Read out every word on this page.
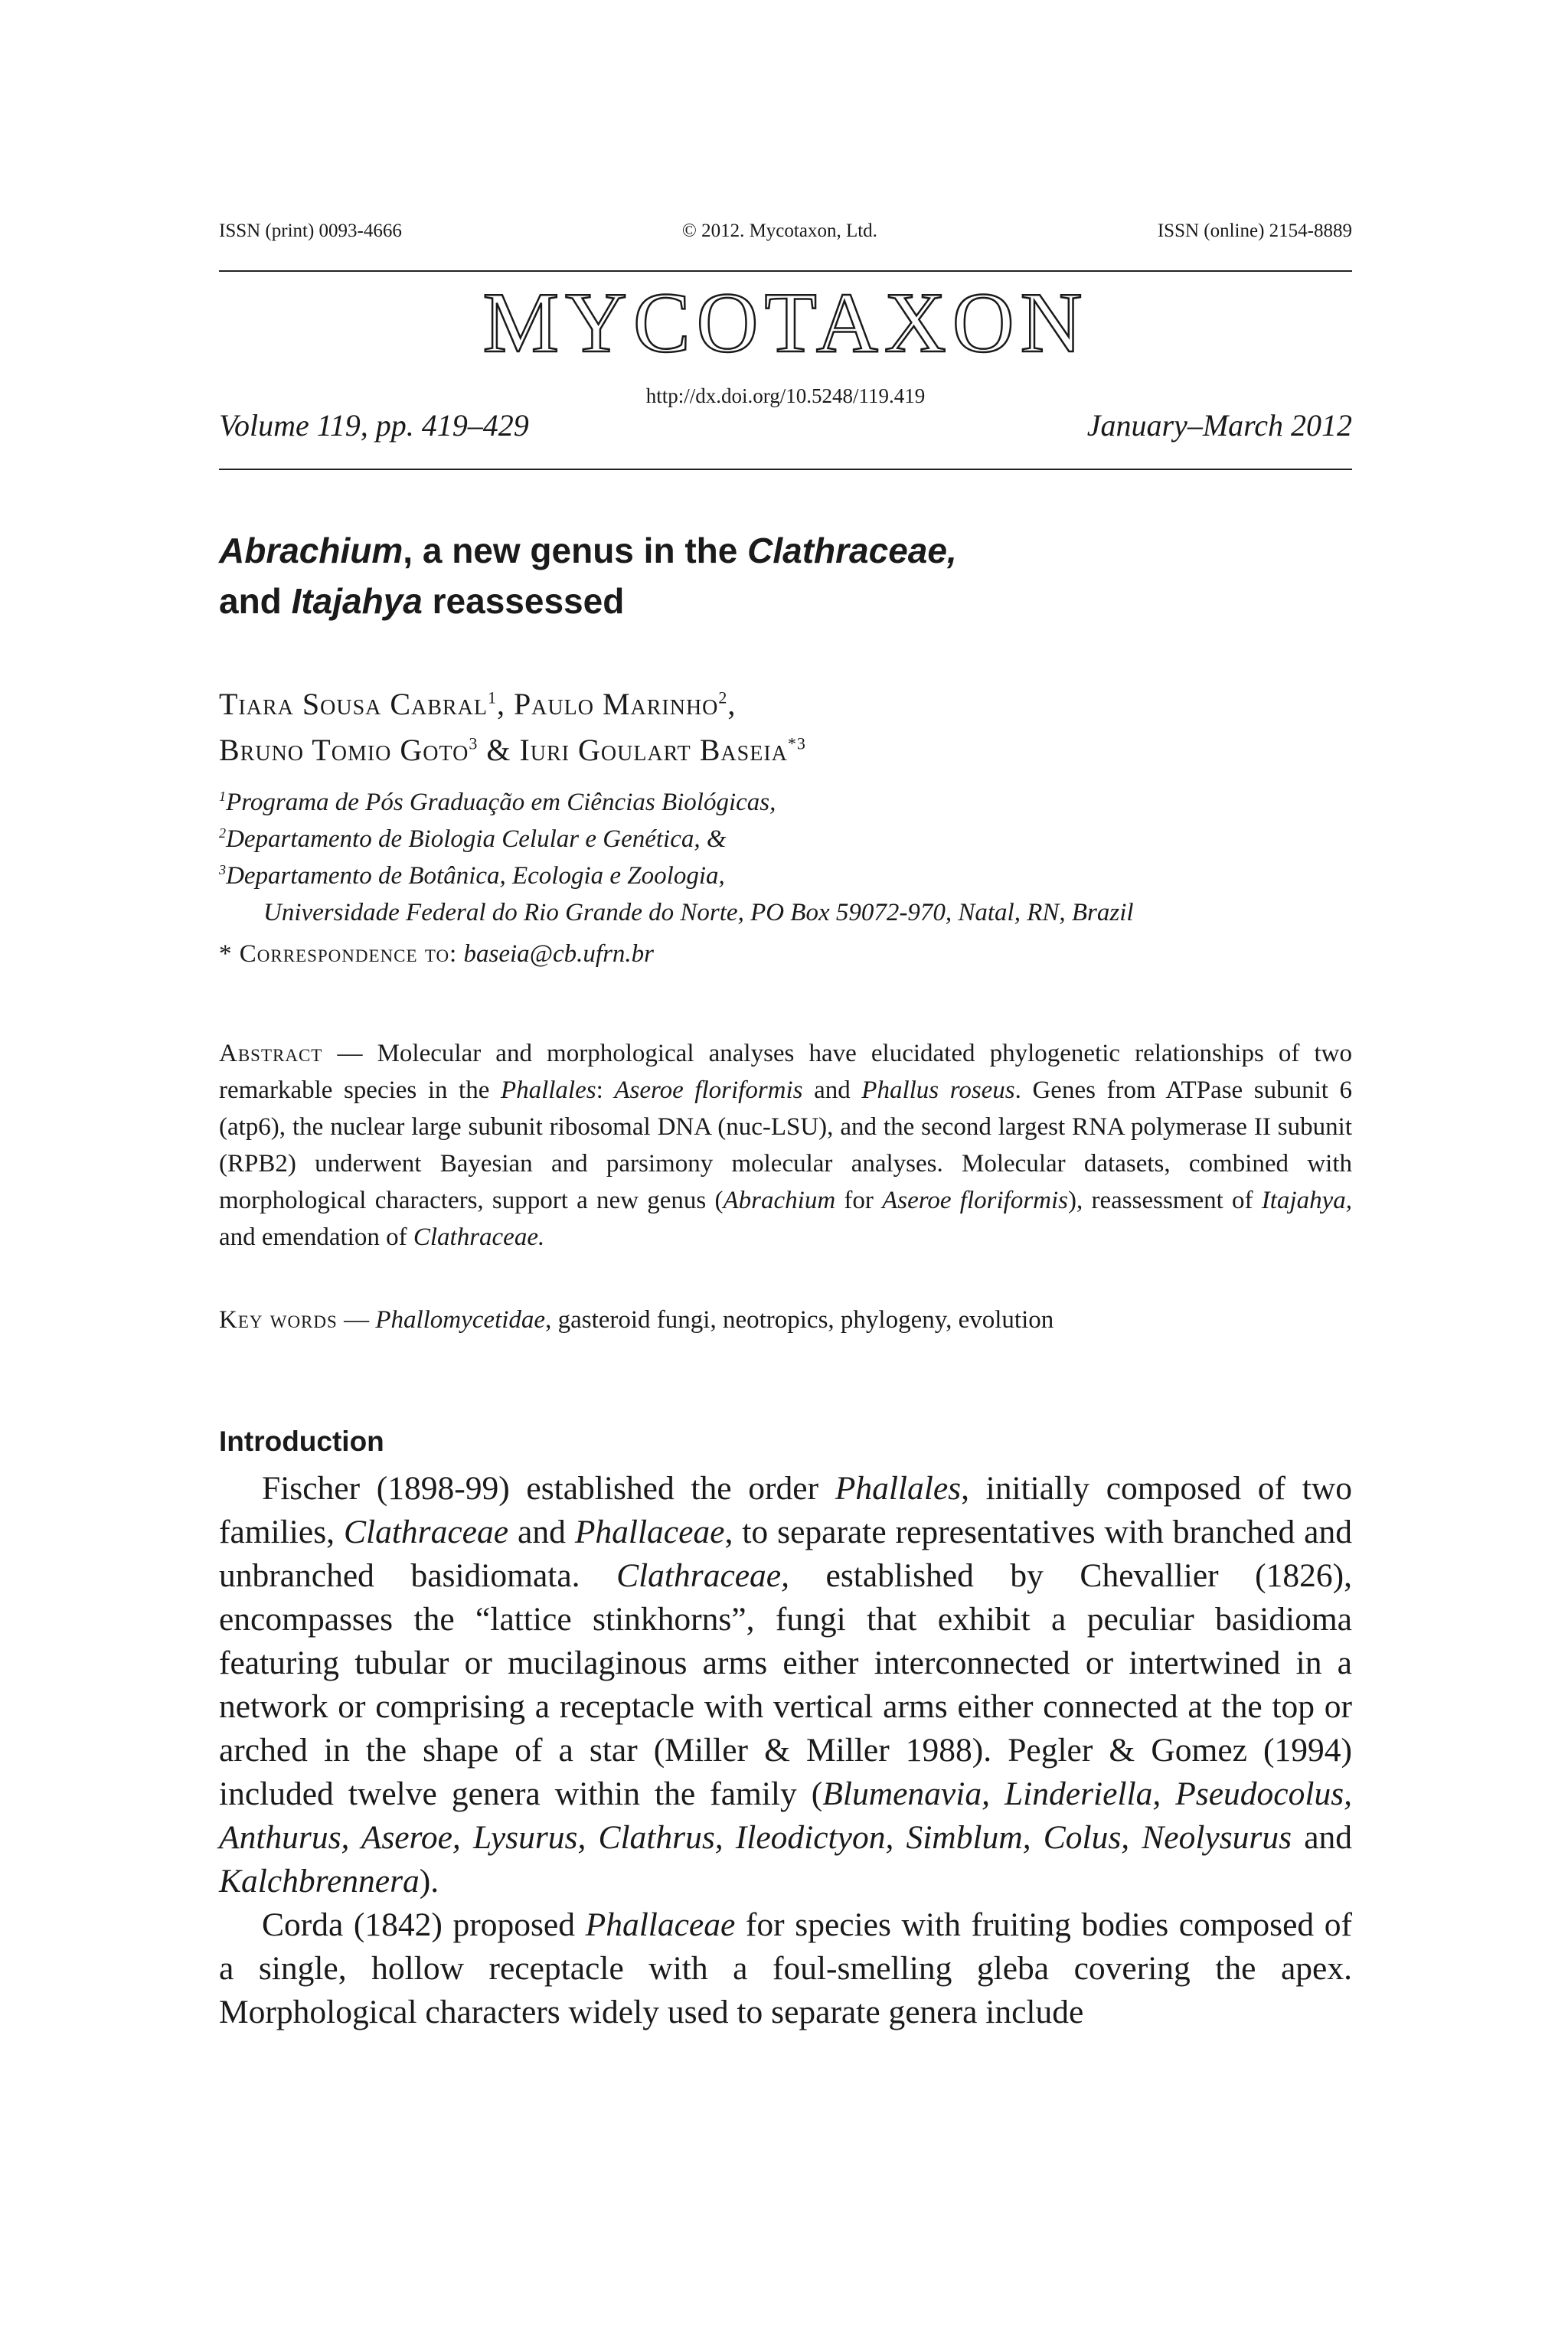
ISSN (print) 0093-4666	© 2012. Mycotaxon, Ltd.	ISSN (online) 2154-8889
MYCOTAXON
http://dx.doi.org/10.5248/119.419
Volume 119, pp. 419–429	January–March 2012
Abrachium, a new genus in the Clathraceae,
and Itajahya reassessed
Tiara Sousa Cabral$^1$, Paulo Marinho$^2$,
Bruno Tomio Goto$^3$ & Iuri Goulart Baseia$^{*3}$
$^1$Programa de Pós Graduação em Ciências Biológicas,
$^2$Departamento de Biologia Celular e Genética, &
$^3$Departamento de Botânica, Ecologia e Zoologia,
Universidade Federal do Rio Grande do Norte, PO Box 59072-970, Natal, RN, Brazil
* Correspondence to: baseia@cb.ufrn.br
Abstract — Molecular and morphological analyses have elucidated phylogenetic relationships of two remarkable species in the Phallales: Aseroe floriformis and Phallus roseus. Genes from ATPase subunit 6 (atp6), the nuclear large subunit ribosomal DNA (nuc-LSU), and the second largest RNA polymerase II subunit (RPB2) underwent Bayesian and parsimony molecular analyses. Molecular datasets, combined with morphological characters, support a new genus (Abrachium for Aseroe floriformis), reassessment of Itajahya, and emendation of Clathraceae.
Key words — Phallomycetidae, gasteroid fungi, neotropics, phylogeny, evolution
Introduction

Fischer (1898-99) established the order Phallales, initially composed of two families, Clathraceae and Phallaceae, to separate representatives with branched and unbranched basidiomata. Clathraceae, established by Chevallier (1826), encompasses the “lattice stinkhorns”, fungi that exhibit a peculiar basidioma featuring tubular or mucilaginous arms either interconnected or intertwined in a network or comprising a receptacle with vertical arms either connected at the top or arched in the shape of a star (Miller & Miller 1988). Pegler & Gomez (1994) included twelve genera within the family (Blumenavia, Linderiella, Pseudocolus, Anthurus, Aseroe, Lysurus, Clathrus, Ileodictyon, Simblum, Colus, Neolysurus and Kalchbrennera).

Corda (1842) proposed Phallaceae for species with fruiting bodies composed of a single, hollow receptacle with a foul-smelling gleba covering the apex. Morphological characters widely used to separate genera include
